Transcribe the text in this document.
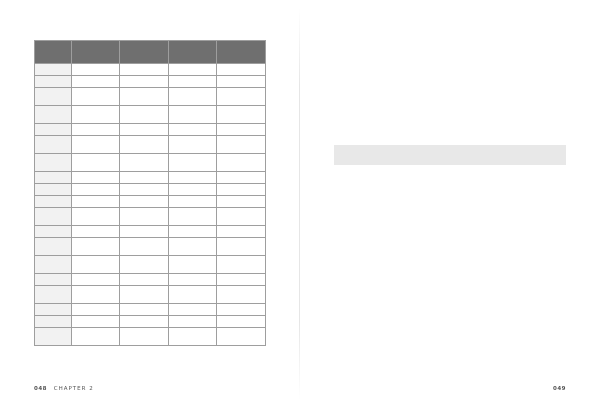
048 CHAPTER 2	049
